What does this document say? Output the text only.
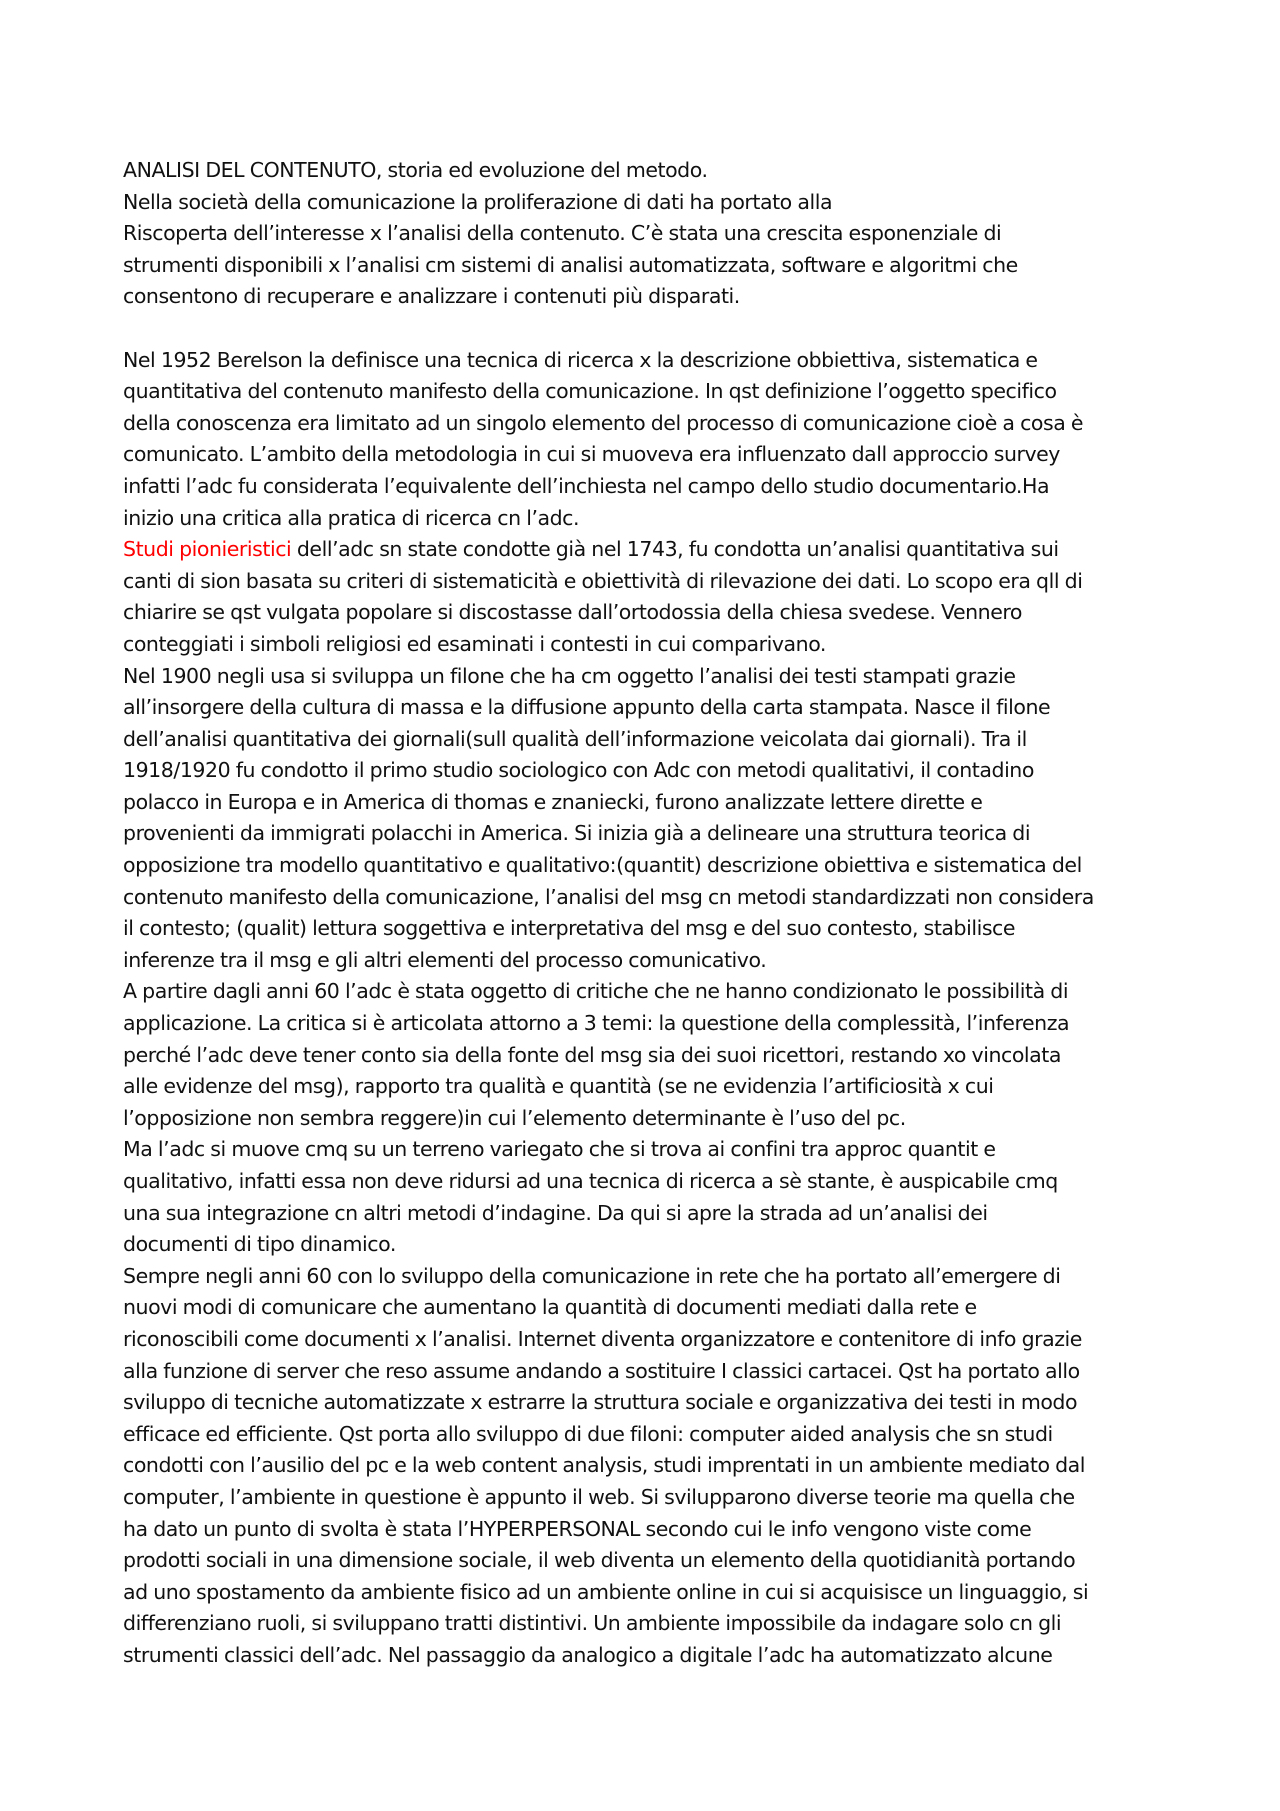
ANALISI DEL CONTENUTO, storia ed evoluzione del metodo.
Nella società della comunicazione la proliferazione di dati ha portato alla
Riscoperta dell’interesse x l’analisi della contenuto. C’è stata una crescita esponenziale di
strumenti disponibili x l’analisi cm sistemi di analisi automatizzata, software e algoritmi che
consentono di recuperare e analizzare i contenuti più disparati.
Nel 1952 Berelson la definisce una tecnica di ricerca x la descrizione obbiettiva, sistematica e
quantitativa del contenuto manifesto della comunicazione. In qst definizione l’oggetto specifico
della conoscenza era limitato ad un singolo elemento del processo di comunicazione cioè a cosa è
comunicato. L’ambito della metodologia in cui si muoveva era influenzato dall approccio survey
infatti l’adc fu considerata l’equivalente dell’inchiesta nel campo dello studio documentario.Ha
inizio una critica alla pratica di ricerca cn l’adc.
Studi pionieristici dell’adc sn state condotte già nel 1743, fu condotta un’analisi quantitativa sui
canti di sion basata su criteri di sistematicità e obiettività di rilevazione dei dati. Lo scopo era qll di
chiarire se qst vulgata popolare si discostasse dall’ortodossia della chiesa svedese. Vennero
conteggiati i simboli religiosi ed esaminati i contesti in cui comparivano.
Nel 1900 negli usa si sviluppa un filone che ha cm oggetto l’analisi dei testi stampati grazie
all’insorgere della cultura di massa e la diffusione appunto della carta stampata. Nasce il filone
dell’analisi quantitativa dei giornali(sull qualità dell’informazione veicolata dai giornali). Tra il
1918/1920 fu condotto il primo studio sociologico con Adc con metodi qualitativi, il contadino
polacco in Europa e in America di thomas e znaniecki, furono analizzate lettere dirette e
provenienti da immigrati polacchi in America. Si inizia già a delineare una struttura teorica di
opposizione tra modello quantitativo e qualitativo:(quantit) descrizione obiettiva e sistematica del
contenuto manifesto della comunicazione, l’analisi del msg cn metodi standardizzati non considera
il contesto; (qualit) lettura soggettiva e interpretativa del msg e del suo contesto, stabilisce
inferenze tra il msg e gli altri elementi del processo comunicativo.
A partire dagli anni 60 l’adc è stata oggetto di critiche che ne hanno condizionato le possibilità di
applicazione. La critica si è articolata attorno a 3 temi: la questione della complessità, l’inferenza
perché l’adc deve tener conto sia della fonte del msg sia dei suoi ricettori, restando xo vincolata
alle evidenze del msg), rapporto tra qualità e quantità (se ne evidenzia l’artificiosità x cui
l’opposizione non sembra reggere)in cui l’elemento determinante è l’uso del pc.
Ma l’adc si muove cmq su un terreno variegato che si trova ai confini tra approc quantit e
qualitativo, infatti essa non deve ridursi ad una tecnica di ricerca a sè stante, è auspicabile cmq
una sua integrazione cn altri metodi d’indagine. Da qui si apre la strada ad un’analisi dei
documenti di tipo dinamico.
Sempre negli anni 60 con lo sviluppo della comunicazione in rete che ha portato all’emergere di
nuovi modi di comunicare che aumentano la quantità di documenti mediati dalla rete e
riconoscibili come documenti x l’analisi. Internet diventa organizzatore e contenitore di info grazie
alla funzione di server che reso assume andando a sostituire I classici cartacei. Qst ha portato allo
sviluppo di tecniche automatizzate x estrarre la struttura sociale e organizzativa dei testi in modo
efficace ed efficiente. Qst porta allo sviluppo di due filoni: computer aided analysis che sn studi
condotti con l’ausilio del pc e la web content analysis, studi imprentati in un ambiente mediato dal
computer, l’ambiente in questione è appunto il web. Si svilupparono diverse teorie ma quella che
ha dato un punto di svolta è stata l’HYPERPERSONAL secondo cui le info vengono viste come
prodotti sociali in una dimensione sociale, il web diventa un elemento della quotidianità portando
ad uno spostamento da ambiente fisico ad un ambiente online in cui si acquisisce un linguaggio, si
differenziano ruoli, si sviluppano tratti distintivi. Un ambiente impossibile da indagare solo cn gli
strumenti classici dell’adc. Nel passaggio da analogico a digitale l’adc ha automatizzato alcune
